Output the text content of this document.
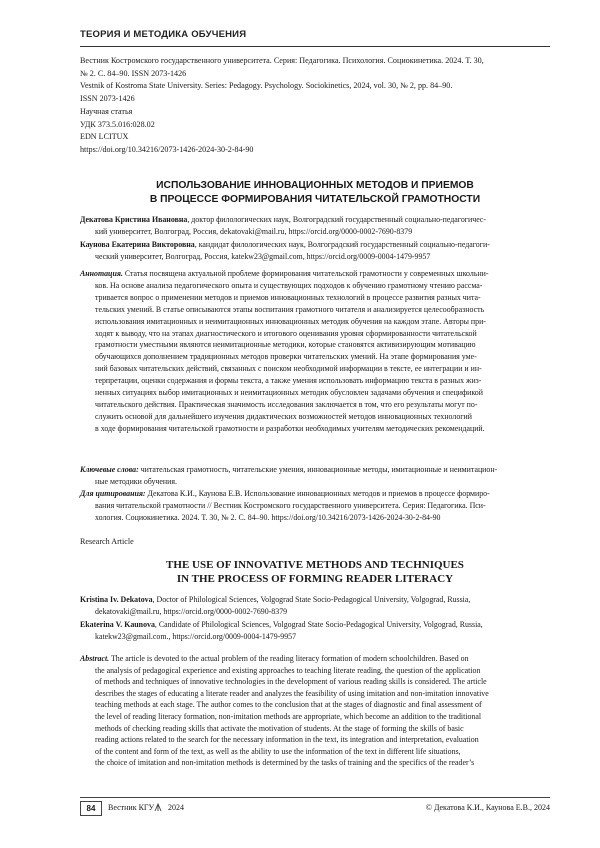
ТЕОРИЯ И МЕТОДИКА ОБУЧЕНИЯ
Вестник Костромского государственного университета. Серия: Педагогика. Психология. Социокинетика. 2024. Т. 30,
№ 2. С. 84–90. ISSN 2073-1426
Vestnik of Kostroma State University. Series: Pedagogy. Psychology. Sociokinetics, 2024, vol. 30, № 2, pp. 84–90.
ISSN 2073-1426
Научная статья
УДК 373.5.016:028.02
EDN LCITUX
https://doi.org/10.34216/2073-1426-2024-30-2-84-90
ИСПОЛЬЗОВАНИЕ ИННОВАЦИОННЫХ МЕТОДОВ И ПРИЕМОВ
В ПРОЦЕССЕ ФОРМИРОВАНИЯ ЧИТАТЕЛЬСКОЙ ГРАМОТНОСТИ
Декатова Кристина Ивановна, доктор филологических наук, Волгоградский государственный социально-педагогичес-
кий университет, Волгоград, Россия, dekatovaki@mail.ru, https://orcid.org/0000-0002-7690-8379
Каунова Екатерина Викторовна, кандидат филологических наук, Волгоградский государственный социально-педагоги-
ческий университет, Волгоград, Россия, katekw23@gmail.com, https://orcid.org/0009-0004-1479-9957
Аннотация. Статья посвящена актуальной проблеме формирования читательской грамотности у современных школьни-
ков. На основе анализа педагогического опыта и существующих подходов к обучению грамотному чтению рассма-
тривается вопрос о применении методов и приемов инновационных технологий в процессе развития разных чита-
тельских умений. В статье описываются этапы воспитания грамотного читателя и анализируется целесообразность
использования имитационных и неимитационных инновационных методик обучения на каждом этапе. Авторы при-
ходят к выводу, что на этапах диагностического и итогового оценивания уровня сформированности читательской
грамотности уместными являются неимитационные методики, которые становятся активизирующим мотивацию
обучающихся дополнением традиционных методов проверки читательских умений. На этапе формирования уме-
ний базовых читательских действий, связанных с поиском необходимой информации в тексте, ее интеграции и ин-
терпретации, оценки содержания и формы текста, а также умения использовать информацию текста в разных жиз-
ненных ситуациях выбор имитационных и неимитационных методик обусловлен задачами обучения и спецификой
читательского действия. Практическая значимость исследования заключается в том, что его результаты могут по-
служить основой для дальнейшего изучения дидактических возможностей методов инновационных технологий
в ходе формирования читательской грамотности и разработки необходимых учителям методических рекомендаций.
Ключевые слова: читательская грамотность, читательские умения, инновационные методы, имитационные и неимитацион-
ные методики обучения.
Для цитирования: Декатова К.И., Каунова Е.В. Использование инновационных методов и приемов в процессе формиро-
вания читательской грамотности // Вестник Костромского государственного университета. Серия: Педагогика. Пси-
хология. Социокинетика. 2024. Т. 30, № 2. С. 84–90. https://doi.org/10.34216/2073-1426-2024-30-2-84-90
Research Article
THE USE OF INNOVATIVE METHODS AND TECHNIQUES
IN THE PROCESS OF FORMING READER LITERACY
Kristina Iv. Dekatova, Doctor of Philological Sciences, Volgograd State Socio-Pedagogical University, Volgograd, Russia,
dekatovaki@mail.ru, https://orcid.org/0000-0002-7690-8379
Ekaterina V. Kaunova, Candidate of Philological Sciences, Volgograd State Socio-Pedagogical University, Volgograd, Russia,
katekw23@gmail.com., https://orcid.org/0009-0004-1479-9957
Abstract. The article is devoted to the actual problem of the reading literacy formation of modern schoolchildren. Based on
the analysis of pedagogical experience and existing approaches to teaching literate reading, the question of the application
of methods and techniques of innovative technologies in the development of various reading skills is considered. The article
describes the stages of educating a literate reader and analyzes the feasibility of using imitation and non-imitation innovative
teaching methods at each stage. The author comes to the conclusion that at the stages of diagnostic and final assessment of
the level of reading literacy formation, non-imitation methods are appropriate, which become an addition to the traditional
methods of checking reading skills that activate the motivation of students. At the stage of forming the skills of basic
reading actions related to the search for the necessary information in the text, its integration and interpretation, evaluation
of the content and form of the text, as well as the ability to use the information of the text in different life situations,
the choice of imitation and non-imitation methods is determined by the tasks of training and the specifics of the reader’s
84	Вестник КГУ 2024	© Декатова К.И., Каунова Е.В., 2024
